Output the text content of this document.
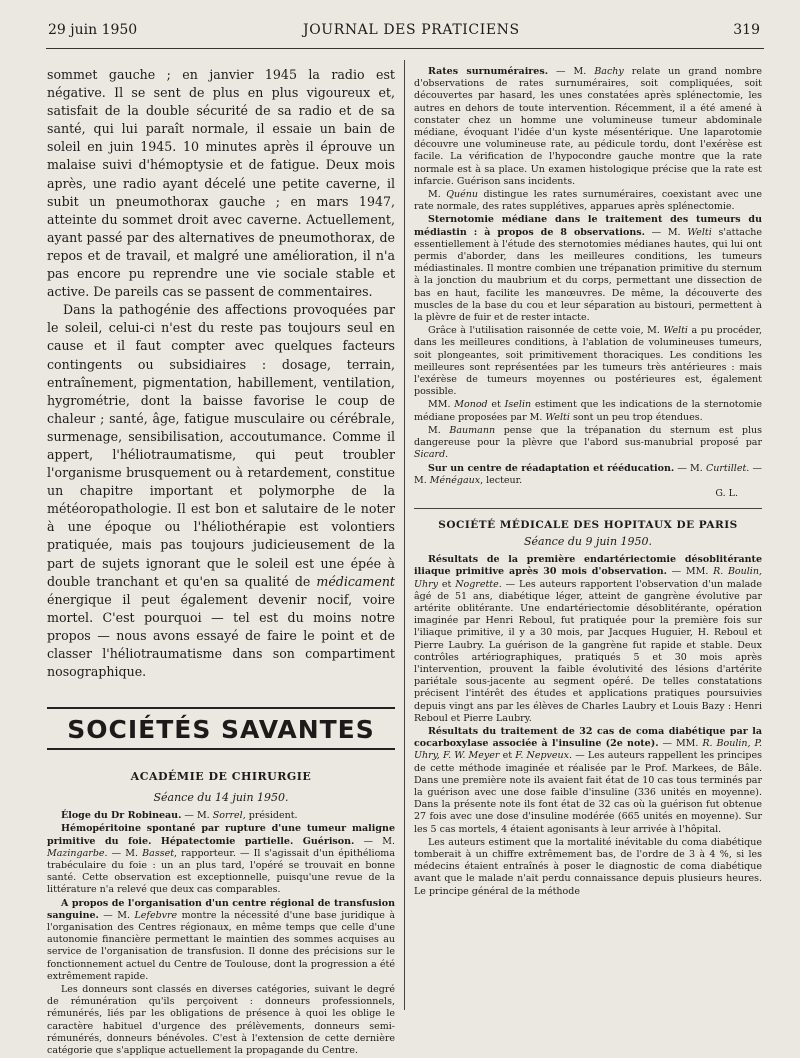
29 juin 1950	JOURNAL DES PRATICIENS	319

sommet gauche ; en janvier 1945 la radio est négative. Il se sent de plus en plus vigoureux et, satisfait de la double sécurité de sa radio et de sa santé, qui lui paraît normale, il essaie un bain de soleil en juin 1945. 10 minutes après il éprouve un malaise suivi d'hémoptysie et de fatigue. Deux mois après, une radio ayant décelé une petite caverne, il subit un pneumothorax gauche ; en mars 1947, atteinte du sommet droit avec caverne. Actuellement, ayant passé par des alternatives de pneumothorax, de repos et de travail, et malgré une amélioration, il n'a pas encore pu reprendre une vie sociale stable et active. De pareils cas se passent de commentaires.

Dans la pathogénie des affections provoquées par le soleil, celui-ci n'est du reste pas toujours seul en cause et il faut compter avec quelques facteurs contingents ou subsidiaires : dosage, terrain, entraînement, pigmentation, habillement, ventilation, hygrométrie, dont la baisse favorise le coup de chaleur ; santé, âge, fatigue musculaire ou cérébrale, surmenage, sensibilisation, accoutumance. Comme il appert, l'héliotraumatisme, qui peut troubler l'organisme brusquement ou à retardement, constitue un chapitre important et polymorphe de la météoropathologie. Il est bon et salutaire de le noter à une époque ou l'héliothérapie est volontiers pratiquée, mais pas toujours judicieusement de la part de sujets ignorant que le soleil est une épée à double tranchant et qu'en sa qualité de médicament énergique il peut également devenir nocif, voire mortel. C'est pourquoi — tel est du moins notre propos — nous avons essayé de faire le point et de classer l'héliotraumatisme dans son compartiment nosographique.

SOCIÉTÉS SAVANTES
ACADÉMIE DE CHIRURGIE
Séance du 14 juin 1950.

Éloge du Dr Robineau. — M. Sorrel, président.

Hémopéritoine spontané par rupture d'une tumeur maligne primitive du foie. Hépatectomie partielle. Guérison. — M. Mazingarbe. — M. Basset, rapporteur. — Il s'agissait d'un épithélioma trabéculaire du foie : un an plus tard, l'opéré se trouvait en bonne santé. Cette observation est exceptionnelle, puisqu'une revue de la littérature n'a relevé que deux cas comparables.

A propos de l'organisation d'un centre régional de transfusion sanguine. — M. Lefebvre montre la nécessité d'une base juridique à l'organisation des Centres régionaux, en même temps que celle d'une autonomie financière permettant le maintien des sommes acquises au service de l'organisation de transfusion. Il donne des précisions sur le fonctionnement actuel du Centre de Toulouse, dont la progression a été extrêmement rapide.

Les donneurs sont classés en diverses catégories, suivant le degré de rémunération qu'ils perçoivent : donneurs professionnels, rémunérés, liés par les obligations de présence à quoi les oblige le caractère habituel d'urgence des prélèvements, donneurs semi-rémunérés, donneurs bénévoles. C'est à l'extension de cette dernière catégorie que s'applique actuellement la propagande du Centre.

Rates surnuméraires. — M. Bachy relate un grand nombre d'observations de rates surnuméraires, soit compliquées, soit découvertes par hasard, les unes constatées après splénectomie, les autres en dehors de toute intervention. Récemment, il a été amené à constater chez un homme une volumineuse tumeur abdominale médiane, évoquant l'idée d'un kyste mésentérique. Une laparotomie découvre une volumineuse rate, au pédicule tordu, dont l'exérèse est facile. La vérification de l'hypocondre gauche montre que la rate normale est à sa place. Un examen histologique précise que la rate est infarcie. Guérison sans incidents.

M. Quénu distingue les rates surnuméraires, coexistant avec une rate normale, des rates supplétives, apparues après splénectomie.

Sternotomie médiane dans le traitement des tumeurs du médiastin : à propos de 8 observations. — M. Welti s'attache essentiellement à l'étude des sternotomies médianes hautes, qui lui ont permis d'aborder, dans les meilleures conditions, les tumeurs médiastinales. Il montre combien une trépanation primitive du sternum à la jonction du maubrium et du corps, permettant une dissection de bas en haut, facilite les manœuvres. De même, la découverte des muscles de la base du cou et leur séparation au bistouri, permettent à la plèvre de fuir et de rester intacte.

Grâce à l'utilisation raisonnée de cette voie, M. Welti a pu procéder, dans les meilleures conditions, à l'ablation de volumineuses tumeurs, soit plongeantes, soit primitivement thoraciques. Les conditions les meilleures sont représentées par les tumeurs très antérieures : mais l'exérèse de tumeurs moyennes ou postérieures est, également possible.

MM. Monod et Iselin estiment que les indications de la sternotomie médiane proposées par M. Welti sont un peu trop étendues.

M. Baumann pense que la trépanation du sternum est plus dangereuse pour la plèvre que l'abord sus-manubrial proposé par Sicard.

Sur un centre de réadaptation et rééducation. — M. Curtillet. — M. Ménégaux, lecteur.

G. L.

SOCIÉTÉ MÉDICALE DES HOPITAUX DE PARIS
Séance du 9 juin 1950.

Résultats de la première endartériectomie désoblitérante iliaque primitive après 30 mois d'observation. — MM. R. Boulin, Uhry et Nogrette. — Les auteurs rapportent l'observation d'un malade âgé de 51 ans, diabétique léger, atteint de gangrène évolutive par artérite oblitérante. Une endartériectomie désoblitérante, opération imaginée par Henri Reboul, fut pratiquée pour la première fois sur l'iliaque primitive, il y a 30 mois, par Jacques Huguier, H. Reboul et Pierre Laubry. La guérison de la gangrène fut rapide et stable. Deux contrôles artériographiques, pratiqués 5 et 30 mois après l'intervention, prouvent la faible évolutivité des lésions d'artérite pariétale sous-jacente au segment opéré. De telles constatations précisent l'intérêt des études et applications pratiques poursuivies depuis vingt ans par les élèves de Charles Laubry et Louis Bazy : Henri Reboul et Pierre Laubry.

Résultats du traitement de 32 cas de coma diabétique par la cocarboxylase associée à l'insuline (2e note). — MM. R. Boulin, P. Uhry, F. W. Meyer et F. Nepveux. — Les auteurs rappellent les principes de cette méthode imaginée et réalisée par le Prof. Markees, de Bâle. Dans une première note ils avaient fait état de 10 cas tous terminés par la guérison avec une dose faible d'insuline (336 unités en moyenne). Dans la présente note ils font état de 32 cas où la guérison fut obtenue 27 fois avec une dose d'insuline modérée (665 unités en moyenne). Sur les 5 cas mortels, 4 étaient agonisants à leur arrivée à l'hôpital.

Les auteurs estiment que la mortalité inévitable du coma diabétique tomberait à un chiffre extrêmement bas, de l'ordre de 3 à 4 %, si les médecins étaient entraînés à poser le diagnostic de coma diabétique avant que le malade n'ait perdu connaissance depuis plusieurs heures. Le principe général de la méthode
